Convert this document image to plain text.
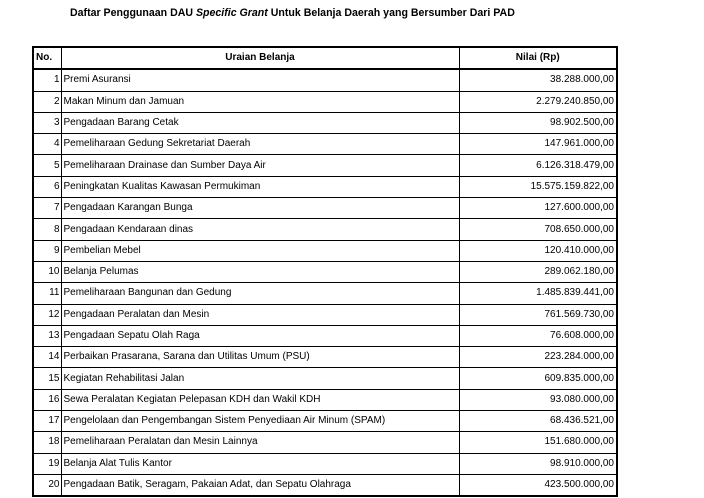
Daftar Penggunaan DAU Specific Grant Untuk Belanja Daerah yang Bersumber Dari PAD
No.	Uraian Belanja	Nilai (Rp)
1	Premi Asuransi	38.288.000,00
2	Makan Minum dan Jamuan	2.279.240.850,00
3	Pengadaan Barang Cetak	98.902.500,00
4	Pemeliharaan Gedung Sekretariat Daerah	147.961.000,00
5	Pemeliharaan Drainase dan Sumber Daya Air	6.126.318.479,00
6	Peningkatan Kualitas Kawasan Permukiman	15.575.159.822,00
7	Pengadaan Karangan Bunga	127.600.000,00
8	Pengadaan Kendaraan dinas	708.650.000,00
9	Pembelian Mebel	120.410.000,00
10	Belanja Pelumas	289.062.180,00
11	Pemeliharaan Bangunan dan Gedung	1.485.839.441,00
12	Pengadaan Peralatan dan Mesin	761.569.730,00
13	Pengadaan Sepatu Olah Raga	76.608.000,00
14	Perbaikan Prasarana, Sarana dan Utilitas Umum (PSU)	223.284.000,00
15	Kegiatan Rehabilitasi Jalan	609.835.000,00
16	Sewa Peralatan Kegiatan Pelepasan KDH dan Wakil KDH	93.080.000,00
17	Pengelolaan dan Pengembangan Sistem Penyediaan Air Minum (SPAM)	68.436.521,00
18	Pemeliharaan Peralatan dan Mesin Lainnya	151.680.000,00
19	Belanja Alat Tulis Kantor	98.910.000,00
20	Pengadaan Batik, Seragam, Pakaian Adat, dan Sepatu Olahraga	423.500.000,00
